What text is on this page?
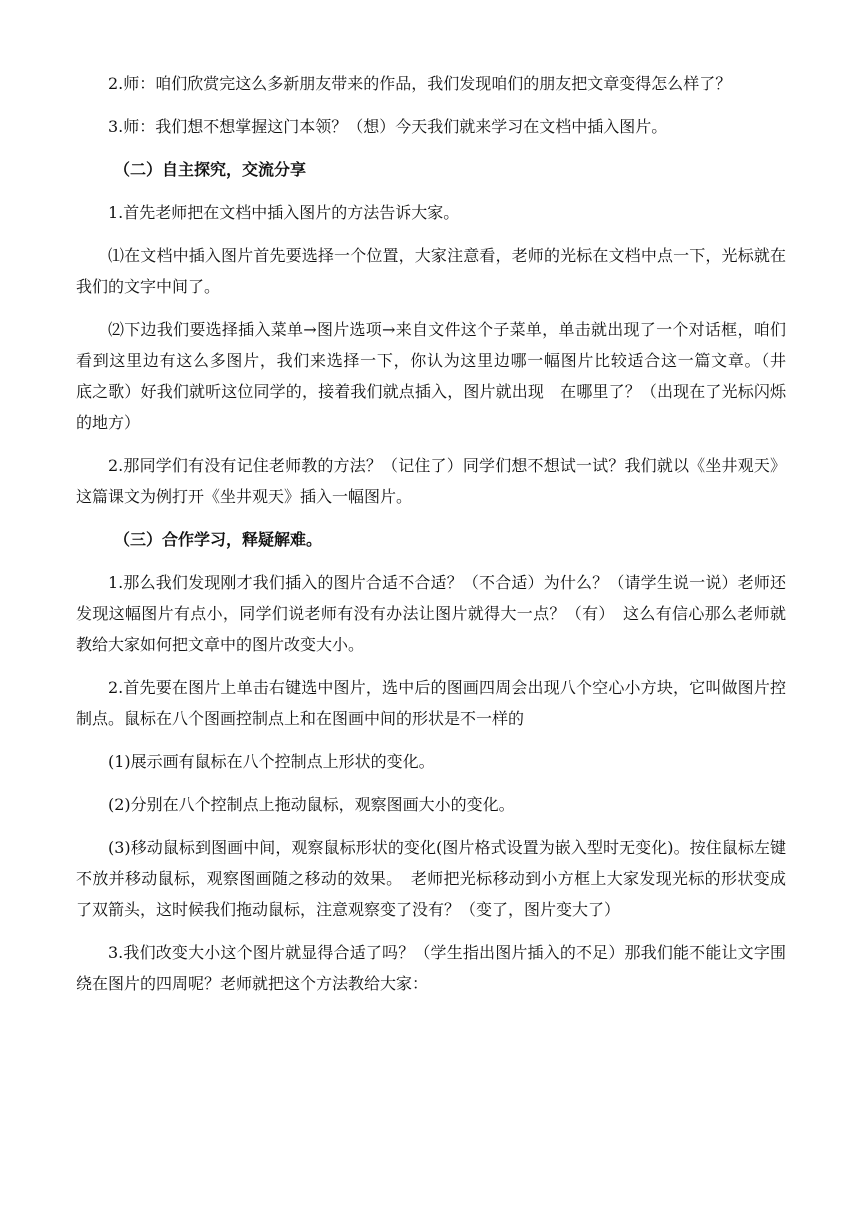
2.师：咱们欣赏完这么多新朋友带来的作品，我们发现咱们的朋友把文章变得怎么样了？

3.师：我们想不想掌握这门本领？（想）今天我们就来学习在文档中插入图片。

（二）自主探究，交流分享

1.首先老师把在文档中插入图片的方法告诉大家。

⑴在文档中插入图片首先要选择一个位置，大家注意看，老师的光标在文档中点一下，光标就在我们的文字中间了。

⑵下边我们要选择插入菜单→图片选项→来自文件这个子菜单，单击就出现了一个对话框，咱们看到这里边有这么多图片，我们来选择一下，你认为这里边哪一幅图片比较适合这一篇文章。（井　底之歌）好我们就听这位同学的，接着我们就点插入，图片就出现　在哪里了？（出现在了光标闪烁的地方）

2.那同学们有没有记住老师教的方法？（记住了）同学们想不想试一试？我们就以《坐井观天》这篇课文为例打开《坐井观天》插入一幅图片。

（三）合作学习，释疑解难。

1.那么我们发现刚才我们插入的图片合适不合适？（不合适）为什么？（请学生说一说）老师还发现这幅图片有点小，同学们说老师有没有办法让图片就得大一点？（有）　这么有信心那么老师就教给大家如何把文章中的图片改变大小。

2.首先要在图片上单击右键选中图片，选中后的图画四周会出现八个空心小方块，它叫做图片控制点。鼠标在八个图画控制点上和在图画中间的形状是不一样的

(1)展示画有鼠标在八个控制点上形状的变化。

(2)分别在八个控制点上拖动鼠标，观察图画大小的变化。

(3)移动鼠标到图画中间，观察鼠标形状的变化(图片格式设置为嵌入型时无变化)。按住鼠标左键不放并移动鼠标，观察图画随之移动的效果。　老师把光标移动到小方框上大家发现光标的形状变成了双箭头，这时候我们拖动鼠标，注意观察变了没有？（变了，图片变大了）

3.我们改变大小这个图片就显得合适了吗？（学生指出图片插入的不足）那我们能不能让文字围绕在图片的四周呢？老师就把这个方法教给大家：
